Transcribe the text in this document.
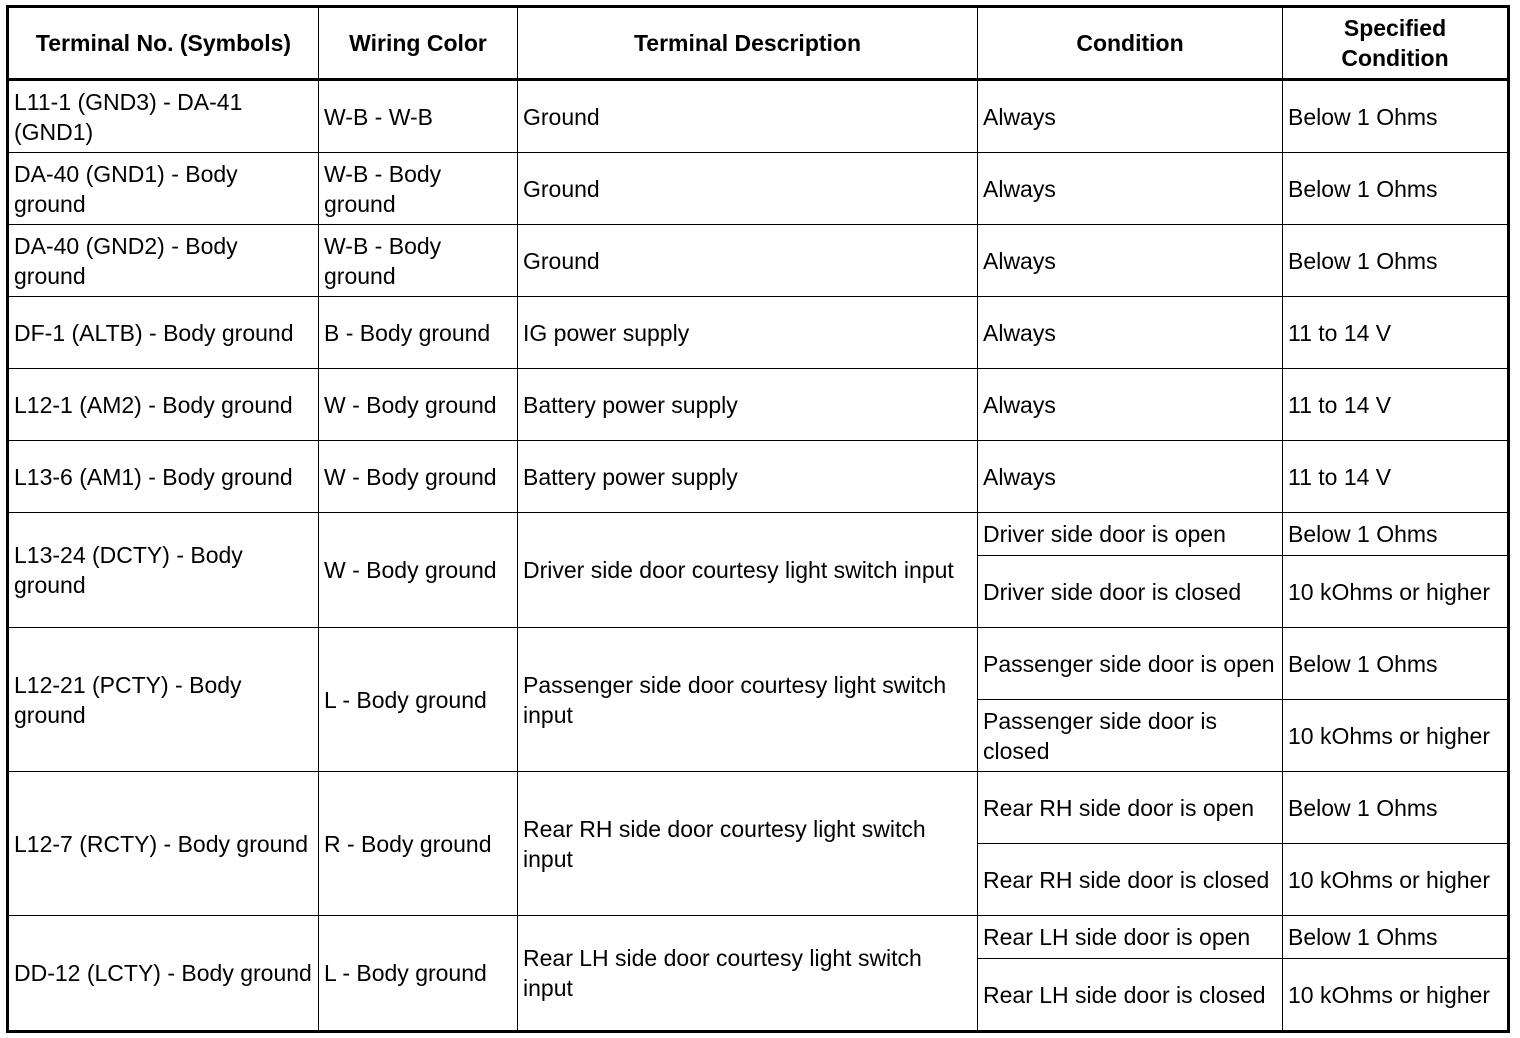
Terminal No. (Symbols)	Wiring Color	Terminal Description	Condition	Specified Condition
L11-1 (GND3) - DA-41 (GND1)	W-B - W-B	Ground	Always	Below 1 Ohms
DA-40 (GND1) - Body ground	W-B - Body ground	Ground	Always	Below 1 Ohms
DA-40 (GND2) - Body ground	W-B - Body ground	Ground	Always	Below 1 Ohms
DF-1 (ALTB) - Body ground	B - Body ground	IG power supply	Always	11 to 14 V
L12-1 (AM2) - Body ground	W - Body ground	Battery power supply	Always	11 to 14 V
L13-6 (AM1) - Body ground	W - Body ground	Battery power supply	Always	11 to 14 V
L13-24 (DCTY) - Body ground	W - Body ground	Driver side door courtesy light switch input	Driver side door is open	Below 1 Ohms
			Driver side door is closed	10 kOhms or higher
L12-21 (PCTY) - Body ground	L - Body ground	Passenger side door courtesy light switch input	Passenger side door is open	Below 1 Ohms
			Passenger side door is closed	10 kOhms or higher
L12-7 (RCTY) - Body ground	R - Body ground	Rear RH side door courtesy light switch input	Rear RH side door is open	Below 1 Ohms
			Rear RH side door is closed	10 kOhms or higher
DD-12 (LCTY) - Body ground	L - Body ground	Rear LH side door courtesy light switch input	Rear LH side door is open	Below 1 Ohms
			Rear LH side door is closed	10 kOhms or higher
